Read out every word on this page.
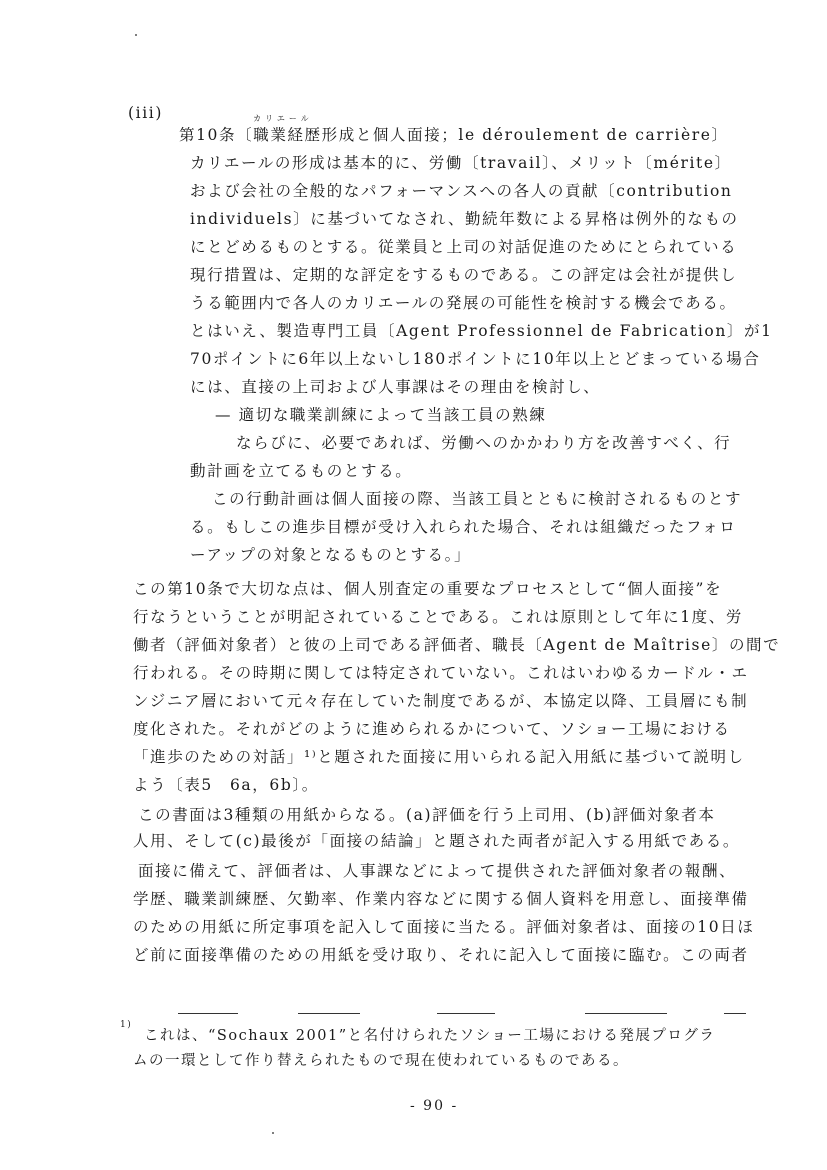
(iii)	カリエール
第10条〔職業経歴形成と個人面接；le déroulement de carrière〕
カリエールの形成は基本的に、労働〔travail〕、メリット〔mérite〕
および会社の全般的なパフォーマンスへの各人の貢献〔contribution
individuels〕に基づいてなされ、勤続年数による昇格は例外的なもの
にとどめるものとする。従業員と上司の対話促進のためにとられている
現行措置は、定期的な評定をするものである。この評定は会社が提供し
うる範囲内で各人のカリエールの発展の可能性を検討する機会である。
とはいえ、製造専門工員〔Agent Professionnel de Fabrication〕が1
70ポイントに6年以上ないし180ポイントに10年以上とどまっている場合
には、直接の上司および人事課はその理由を検討し、
— 適切な職業訓練によって当該工員の熟練
ならびに、必要であれば、労働へのかかわり方を改善すべく、行
動計画を立てるものとする。
この行動計画は個人面接の際、当該工員とともに検討されるものとす
る。もしこの進歩目標が受け入れられた場合、それは組織だったフォロ
ーアップの対象となるものとする。」
この第10条で大切な点は、個人別査定の重要なプロセスとして“個人面接”を
行なうということが明記されていることである。これは原則として年に1度、労
働者（評価対象者）と彼の上司である評価者、職長〔Agent de Maîtrise〕の間で
行われる。その時期に関しては特定されていない。これはいわゆるカードル・エ
ンジニア層において元々存在していた制度であるが、本協定以降、工員層にも制
度化された。それがどのように進められるかについて、ソショー工場における
「進歩のための対話」¹⁾と題された面接に用いられる記入用紙に基づいて説明し
よう〔表5　6a，6b〕。
この書面は3種類の用紙からなる。(a)評価を行う上司用、(b)評価対象者本
人用、そして(c)最後が「面接の結論」と題された両者が記入する用紙である。
面接に備えて、評価者は、人事課などによって提供された評価対象者の報酬、
学歴、職業訓練歴、欠勤率、作業内容などに関する個人資料を用意し、面接準備
のための用紙に所定事項を記入して面接に当たる。評価対象者は、面接の10日ほ
ど前に面接準備のための用紙を受け取り、それに記入して面接に臨む。この両者
1)
これは、“Sochaux 2001”と名付けられたソショー工場における発展プログラ
ムの一環として作り替えられたもので現在使われているものである。
- 90 -
